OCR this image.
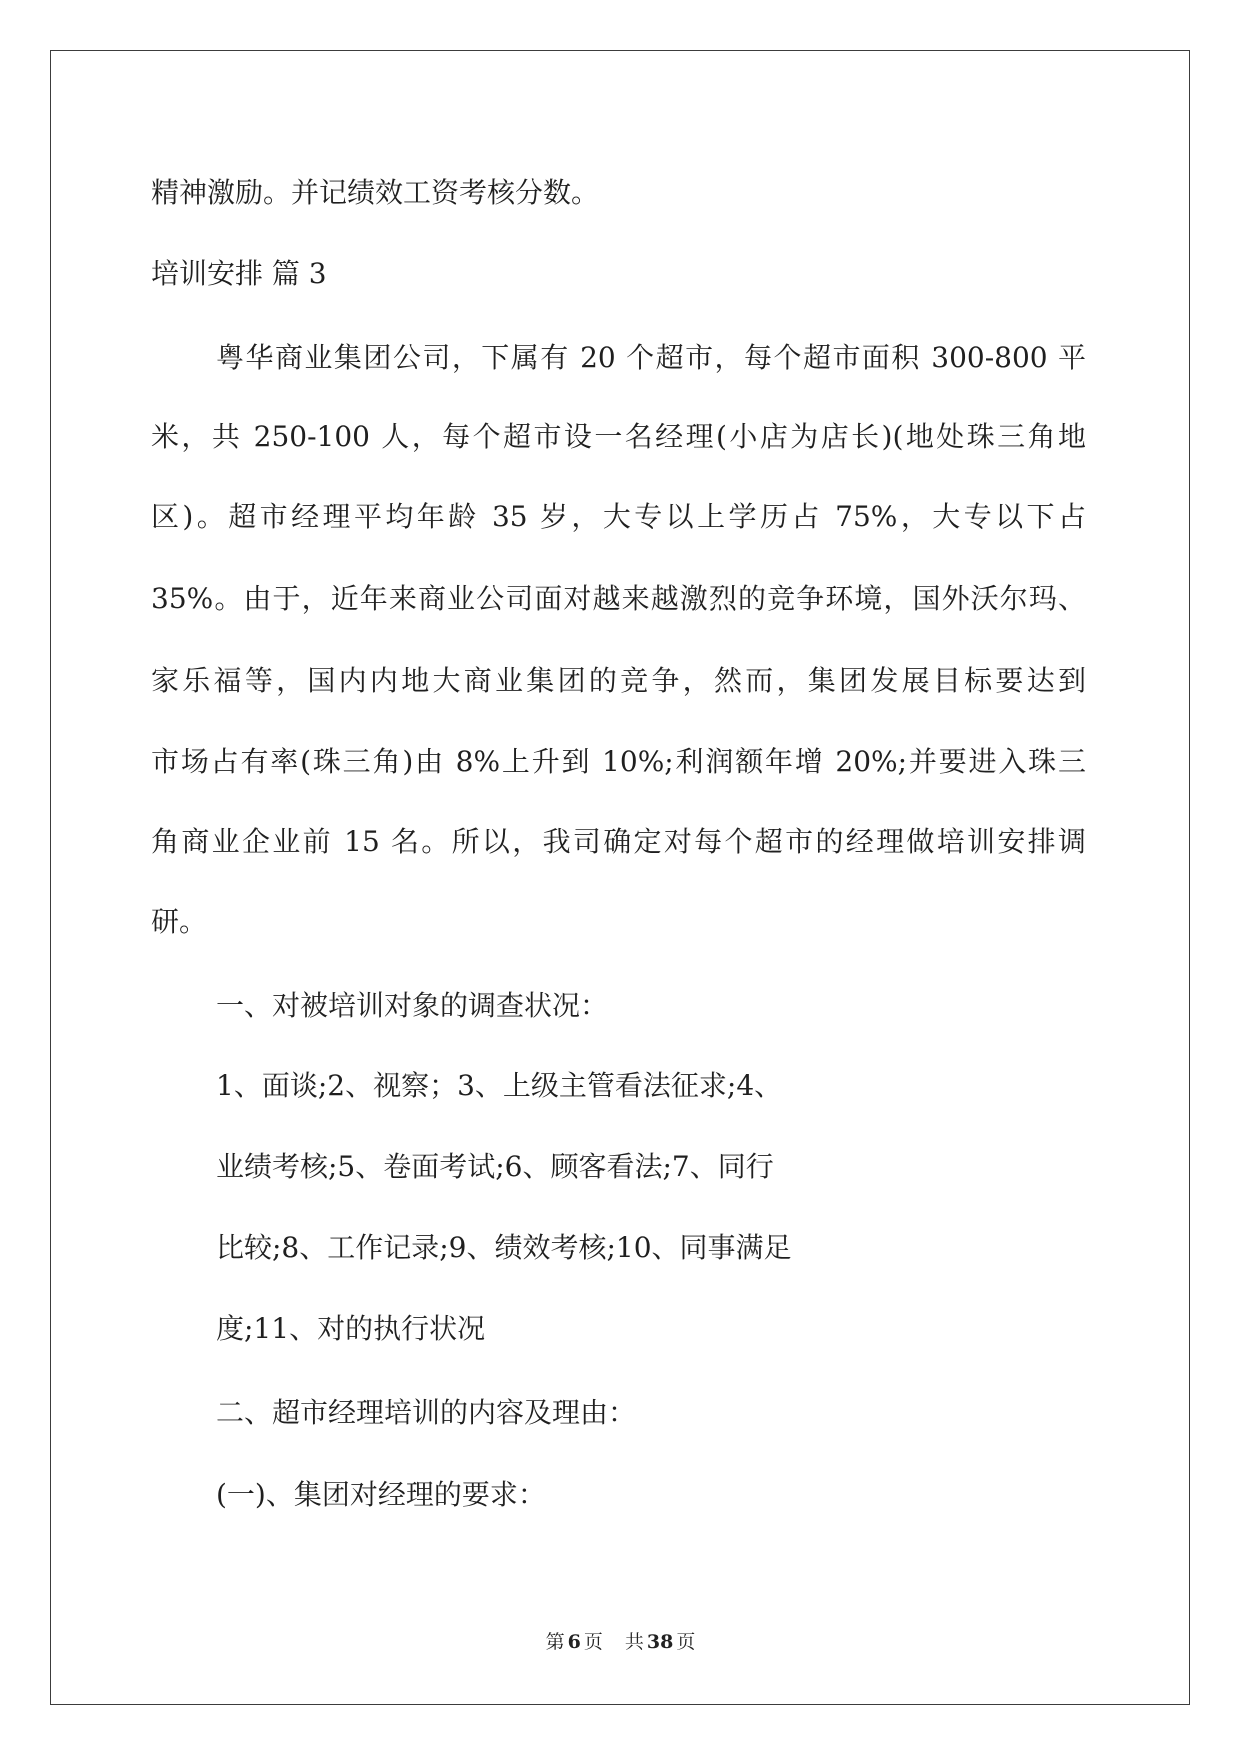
精神激励。并记绩效工资考核分数。
培训安排 篇 3
粤华商业集团公司，下属有 20 个超市，每个超市面积 300-800 平
米，共 250-100 人，每个超市设一名经理(小店为店长)(地处珠三角地
区)。超市经理平均年龄 35 岁，大专以上学历占 75%，大专以下占
35%。由于，近年来商业公司面对越来越激烈的竞争环境，国外沃尔玛、
家乐福等，国内内地大商业集团的竞争，然而，集团发展目标要达到
市场占有率(珠三角)由 8%上升到 10%;利润额年增 20%;并要进入珠三
角商业企业前 15 名。所以，我司确定对每个超市的经理做培训安排调
研。
一、对被培训对象的调查状况：
1、面谈;2、视察；3、上级主管看法征求;4、
业绩考核;5、卷面考试;6、顾客看法;7、同行
比较;8、工作记录;9、绩效考核;10、同事满足
度;11、对的执行状况
二、超市经理培训的内容及理由：
(一)、集团对经理的要求：
第 6 页 共 38 页
